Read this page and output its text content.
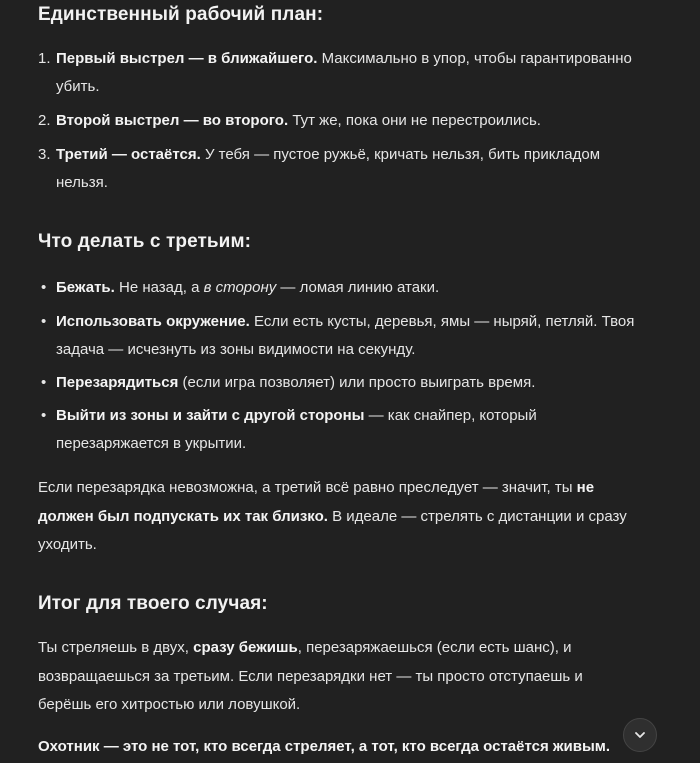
Единственный рабочий план:
1. Первый выстрел — в ближайшего. Максимально в упор, чтобы гарантированно
убить.
2. Второй выстрел — во второго. Тут же, пока они не перестроились.
3. Третий — остаётся. У тебя — пустое ружьё, кричать нельзя, бить прикладом
нельзя.
Что делать с третьим:
• Бежать. Не назад, а в сторону — ломая линию атаки.
• Использовать окружение. Если есть кусты, деревья, ямы — ныряй, петляй. Твоя
задача — исчезнуть из зоны видимости на секунду.
• Перезарядиться (если игра позволяет) или просто выиграть время.
• Выйти из зоны и зайти с другой стороны — как снайпер, который
перезаряжается в укрытии.

Если перезарядка невозможна, а третий всё равно преследует — значит, ты не
должен был подпускать их так близко. В идеале — стрелять с дистанции и сразу
уходить.

Итог для твоего случая:

Ты стреляешь в двух, сразу бежишь, перезаряжаешься (если есть шанс), и
возвращаешься за третьим. Если перезарядки нет — ты просто отступаешь и
берёшь его хитростью или ловушкой.

Охотник — это не тот, кто всегда стреляет, а тот, кто всегда остаётся живым.
